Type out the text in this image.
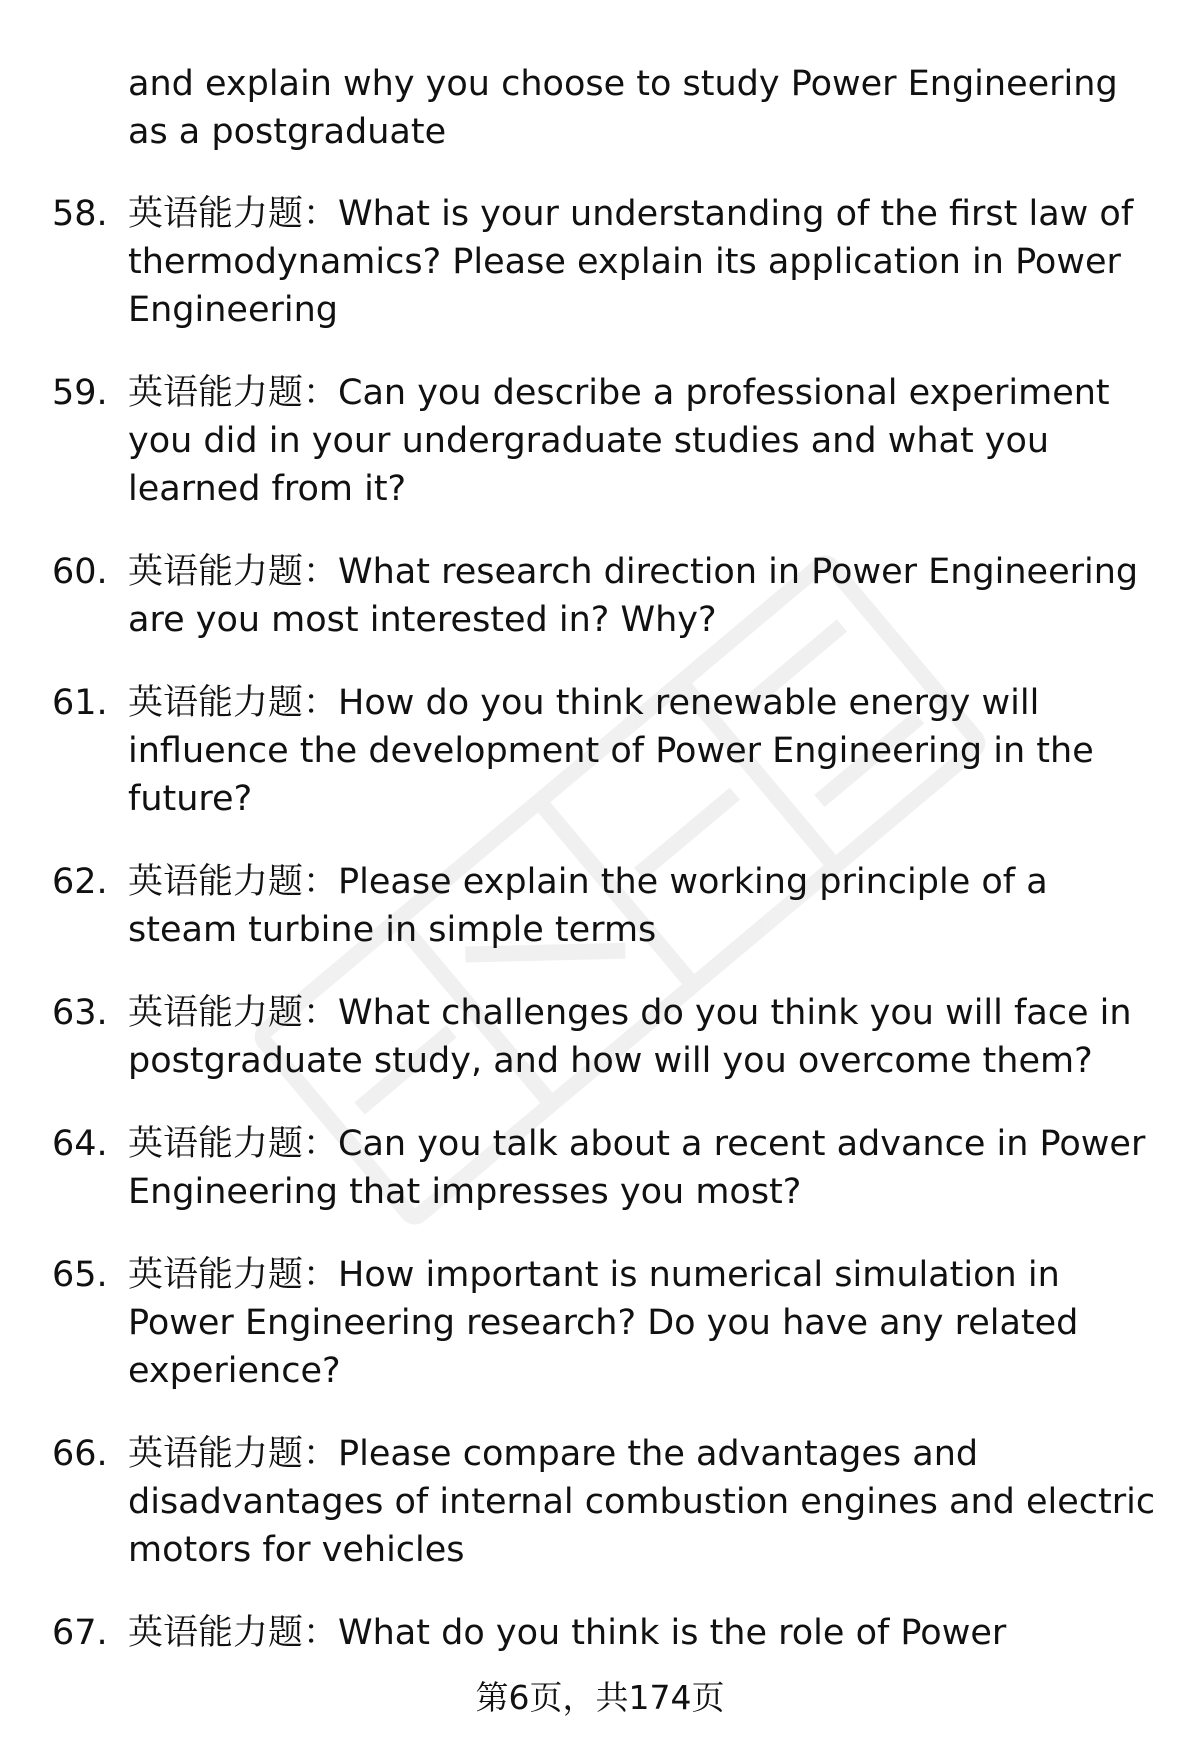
and explain why you choose to study Power Engineering as a postgraduate
58. 英语能力题：What is your understanding of the first law of thermodynamics? Please explain its application in Power Engineering
59. 英语能力题：Can you describe a professional experiment you did in your undergraduate studies and what you learned from it?
60. 英语能力题：What research direction in Power Engineering are you most interested in? Why?
61. 英语能力题：How do you think renewable energy will influence the development of Power Engineering in the future?
62. 英语能力题：Please explain the working principle of a steam turbine in simple terms
63. 英语能力题：What challenges do you think you will face in postgraduate study, and how will you overcome them?
64. 英语能力题：Can you talk about a recent advance in Power Engineering that impresses you most?
65. 英语能力题：How important is numerical simulation in Power Engineering research? Do you have any related experience?
66. 英语能力题：Please compare the advantages and disadvantages of internal combustion engines and electric motors for vehicles
67. 英语能力题：What do you think is the role of Power
第6页，共174页
